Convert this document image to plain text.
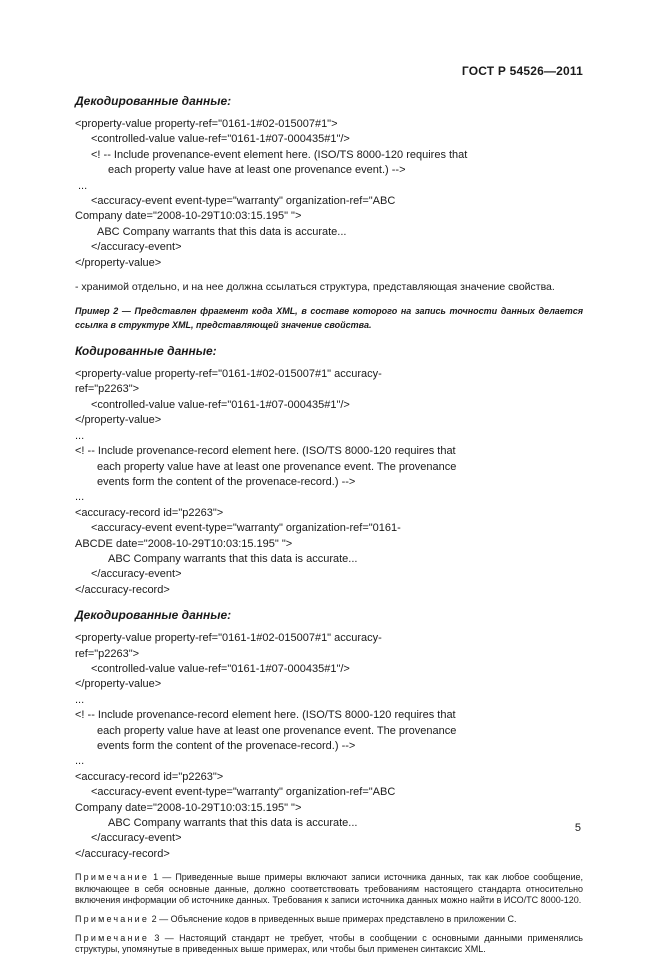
ГОСТ Р 54526—2011
Декодированные данные:
<property-value property-ref="0161-1#02-015007#1">
<controlled-value value-ref="0161-1#07-000435#1"/>
<! -- Include provenance-event element here. (ISO/TS 8000-120 requires that
each property value have at least one provenance event.) -->
...
<accuracy-event event-type="warranty" organization-ref="ABC
Company date="2008-10-29T10:03:15.195" ">
ABC Company warrants that this data is accurate...
</accuracy-event>
</property-value>
- хранимой отдельно, и на нее должна ссылаться структура, представляющая значение свойства.
Пример 2 — Представлен фрагмент кода XML, в составе которого на запись точности данных делается ссылка в структуре XML, представляющей значение свойства.
Кодированные данные:
<property-value property-ref="0161-1#02-015007#1" accuracy-
ref="p2263">
<controlled-value value-ref="0161-1#07-000435#1"/>
</property-value>
...
<! -- Include provenance-record element here. (ISO/TS 8000-120 requires that
each property value have at least one provenance event. The provenance
events form the content of the provenace-record.) -->
...
<accuracy-record id="p2263">
<accuracy-event event-type="warranty" organization-ref="0161-
ABCDE date="2008-10-29T10:03:15.195" ">
ABC Company warrants that this data is accurate...
</accuracy-event>
</accuracy-record>
Декодированные данные:
<property-value property-ref="0161-1#02-015007#1" accuracy-
ref="p2263">
<controlled-value value-ref="0161-1#07-000435#1"/>
</property-value>
...
<! -- Include provenance-record element here. (ISO/TS 8000-120 requires that
each property value have at least one provenance event. The provenance
events form the content of the provenace-record.) -->
...
<accuracy-record id="p2263">
<accuracy-event event-type="warranty" organization-ref="ABC
Company date="2008-10-29T10:03:15.195" ">
ABC Company warrants that this data is accurate...
</accuracy-event>
</accuracy-record>
Примечание 1 — Приведенные выше примеры включают записи источника данных, так как любое сообщение, включающее в себя основные данные, должно соответствовать требованиям настоящего стандарта относительно включения информации об источнике данных. Требования к записи источника данных можно найти в ИСО/ТС 8000-120.
Примечание 2 — Объяснение кодов в приведенных выше примерах представлено в приложении С.
Примечание 3 — Настоящий стандарт не требует, чтобы в сообщении с основными данными применялись структуры, упомянутые в приведенных выше примерах, или чтобы был применен синтаксис XML.
5
